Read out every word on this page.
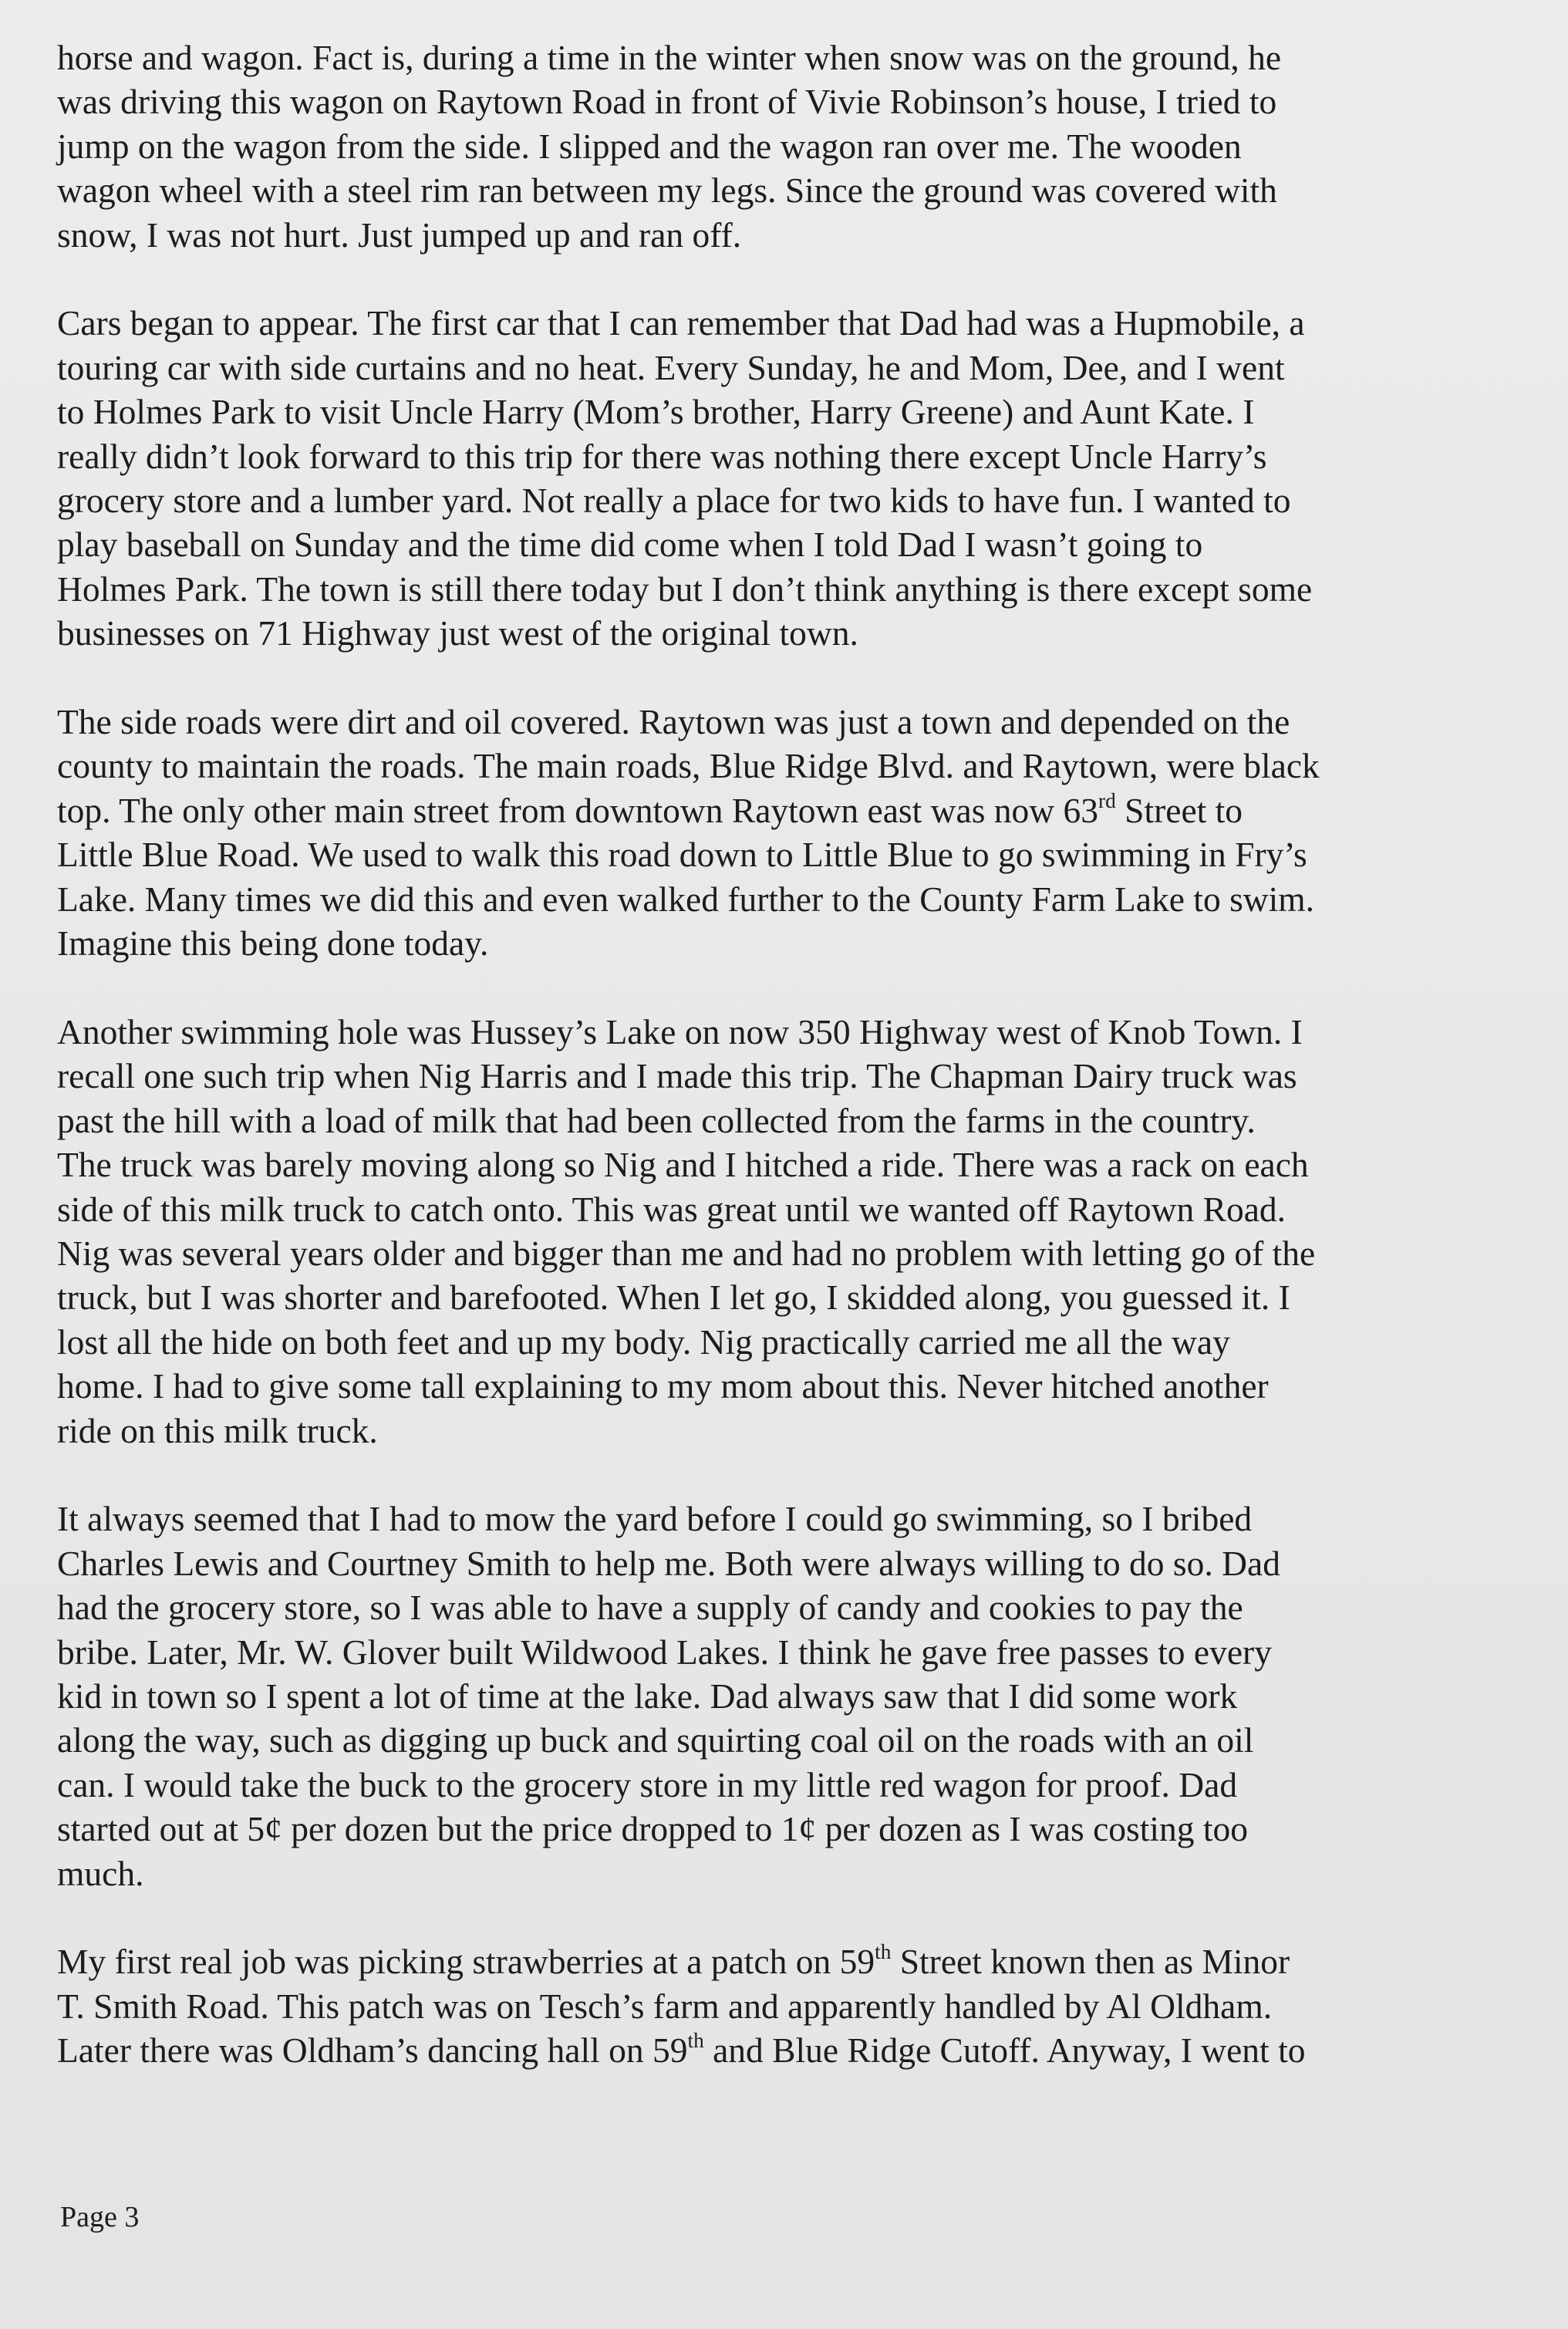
horse and wagon. Fact is, during a time in the winter when snow was on the ground, he
was driving this wagon on Raytown Road in front of Vivie Robinson’s house, I tried to
jump on the wagon from the side. I slipped and the wagon ran over me. The wooden
wagon wheel with a steel rim ran between my legs. Since the ground was covered with
snow, I was not hurt. Just jumped up and ran off.

Cars began to appear. The first car that I can remember that Dad had was a Hupmobile, a
touring car with side curtains and no heat. Every Sunday, he and Mom, Dee, and I went
to Holmes Park to visit Uncle Harry (Mom’s brother, Harry Greene) and Aunt Kate. I
really didn’t look forward to this trip for there was nothing there except Uncle Harry’s
grocery store and a lumber yard. Not really a place for two kids to have fun. I wanted to
play baseball on Sunday and the time did come when I told Dad I wasn’t going to
Holmes Park. The town is still there today but I don’t think anything is there except some
businesses on 71 Highway just west of the original town.

The side roads were dirt and oil covered. Raytown was just a town and depended on the
county to maintain the roads. The main roads, Blue Ridge Blvd. and Raytown, were black
top. The only other main street from downtown Raytown east was now 63rd Street to
Little Blue Road. We used to walk this road down to Little Blue to go swimming in Fry’s
Lake. Many times we did this and even walked further to the County Farm Lake to swim.
Imagine this being done today.

Another swimming hole was Hussey’s Lake on now 350 Highway west of Knob Town. I
recall one such trip when Nig Harris and I made this trip. The Chapman Dairy truck was
past the hill with a load of milk that had been collected from the farms in the country.
The truck was barely moving along so Nig and I hitched a ride. There was a rack on each
side of this milk truck to catch onto. This was great until we wanted off Raytown Road.
Nig was several years older and bigger than me and had no problem with letting go of the
truck, but I was shorter and barefooted. When I let go, I skidded along, you guessed it. I
lost all the hide on both feet and up my body. Nig practically carried me all the way
home. I had to give some tall explaining to my mom about this. Never hitched another
ride on this milk truck.

It always seemed that I had to mow the yard before I could go swimming, so I bribed
Charles Lewis and Courtney Smith to help me. Both were always willing to do so. Dad
had the grocery store, so I was able to have a supply of candy and cookies to pay the
bribe. Later, Mr. W. Glover built Wildwood Lakes. I think he gave free passes to every
kid in town so I spent a lot of time at the lake. Dad always saw that I did some work
along the way, such as digging up buck and squirting coal oil on the roads with an oil
can. I would take the buck to the grocery store in my little red wagon for proof. Dad
started out at 5¢ per dozen but the price dropped to 1¢ per dozen as I was costing too
much.

My first real job was picking strawberries at a patch on 59th Street known then as Minor
T. Smith Road. This patch was on Tesch’s farm and apparently handled by Al Oldham.
Later there was Oldham’s dancing hall on 59th and Blue Ridge Cutoff. Anyway, I went to

Page 3
